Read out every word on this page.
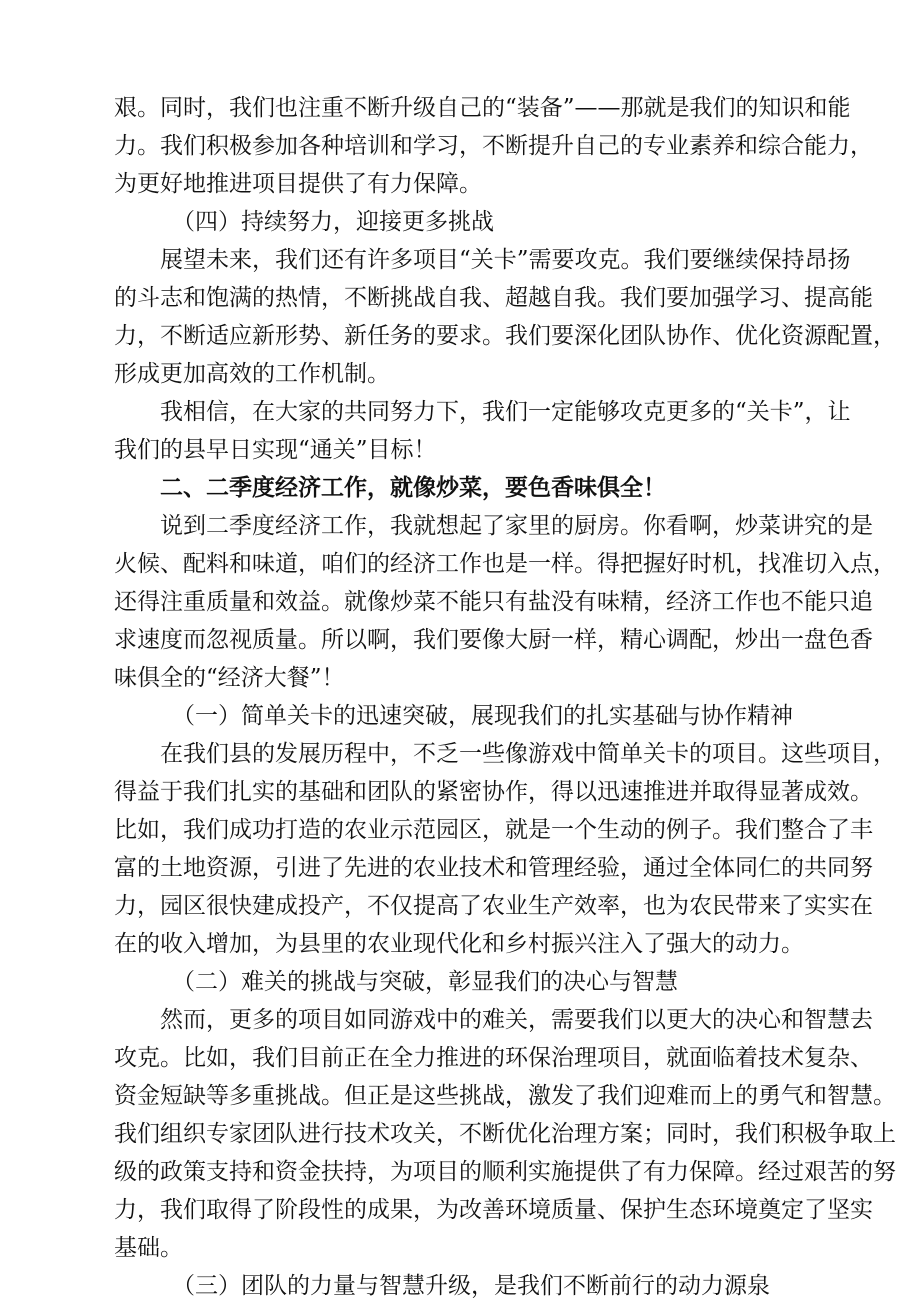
艰。同时，我们也注重不断升级自己的“装备”——那就是我们的知识和能
力。我们积极参加各种培训和学习，不断提升自己的专业素养和综合能力，
为更好地推进项目提供了有力保障。
（四）持续努力，迎接更多挑战
展望未来，我们还有许多项目“关卡”需要攻克。我们要继续保持昂扬
的斗志和饱满的热情，不断挑战自我、超越自我。我们要加强学习、提高能
力，不断适应新形势、新任务的要求。我们要深化团队协作、优化资源配置，
形成更加高效的工作机制。
我相信，在大家的共同努力下，我们一定能够攻克更多的“关卡”，让
我们的县早日实现“通关”目标！
二、二季度经济工作，就像炒菜，要色香味俱全！
说到二季度经济工作，我就想起了家里的厨房。你看啊，炒菜讲究的是
火候、配料和味道，咱们的经济工作也是一样。得把握好时机，找准切入点，
还得注重质量和效益。就像炒菜不能只有盐没有味精，经济工作也不能只追
求速度而忽视质量。所以啊，我们要像大厨一样，精心调配，炒出一盘色香
味俱全的“经济大餐”！
（一）简单关卡的迅速突破，展现我们的扎实基础与协作精神
在我们县的发展历程中，不乏一些像游戏中简单关卡的项目。这些项目，
得益于我们扎实的基础和团队的紧密协作，得以迅速推进并取得显著成效。
比如，我们成功打造的农业示范园区，就是一个生动的例子。我们整合了丰
富的土地资源，引进了先进的农业技术和管理经验，通过全体同仁的共同努
力，园区很快建成投产，不仅提高了农业生产效率，也为农民带来了实实在
在的收入增加，为县里的农业现代化和乡村振兴注入了强大的动力。
（二）难关的挑战与突破，彰显我们的决心与智慧
然而，更多的项目如同游戏中的难关，需要我们以更大的决心和智慧去
攻克。比如，我们目前正在全力推进的环保治理项目，就面临着技术复杂、
资金短缺等多重挑战。但正是这些挑战，激发了我们迎难而上的勇气和智慧。
我们组织专家团队进行技术攻关，不断优化治理方案；同时，我们积极争取上
级的政策支持和资金扶持，为项目的顺利实施提供了有力保障。经过艰苦的努
力，我们取得了阶段性的成果，为改善环境质量、保护生态环境奠定了坚实
基础。
（三）团队的力量与智慧升级，是我们不断前行的动力源泉
